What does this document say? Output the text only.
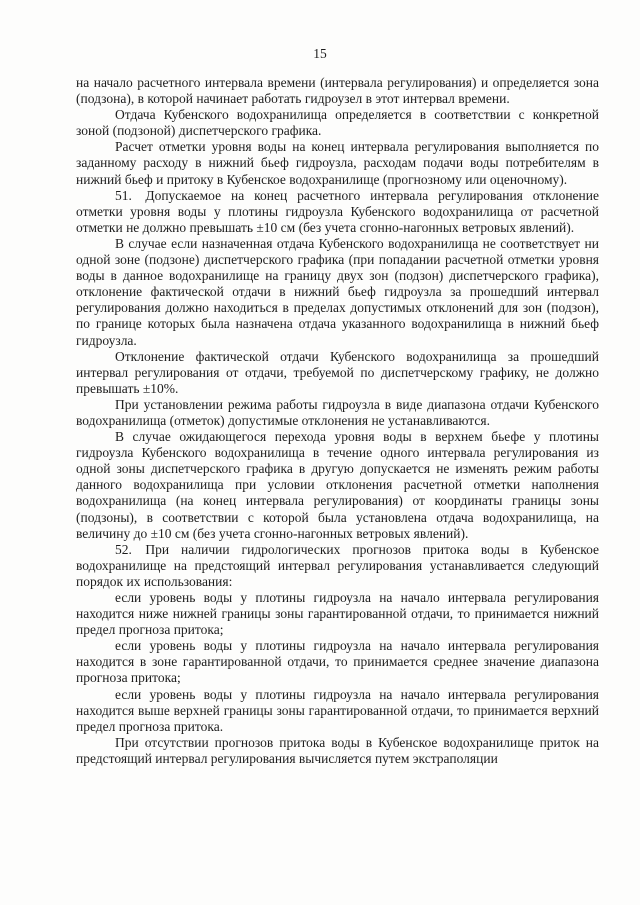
15

на начало расчетного интервала времени (интервала регулирования) и определяется зона (подзона), в которой начинает работать гидроузел в этот интервал времени.

Отдача Кубенского водохранилища определяется в соответствии с конкретной зоной (подзоной) диспетчерского графика.

Расчет отметки уровня воды на конец интервала регулирования выполняется по заданному расходу в нижний бьеф гидроузла, расходам подачи воды потребителям в нижний бьеф и притоку в Кубенское водохранилище (прогнозному или оценочному).

51. Допускаемое на конец расчетного интервала регулирования отклонение отметки уровня воды у плотины гидроузла Кубенского водохранилища от расчетной отметки не должно превышать ±10 см (без учета сгонно-нагонных ветровых явлений).

В случае если назначенная отдача Кубенского водохранилища не соответствует ни одной зоне (подзоне) диспетчерского графика (при попадании расчетной отметки уровня воды в данное водохранилище на границу двух зон (подзон) диспетчерского графика), отклонение фактической отдачи в нижний бьеф гидроузла за прошедший интервал регулирования должно находиться в пределах допустимых отклонений для зон (подзон), по границе которых была назначена отдача указанного водохранилища в нижний бьеф гидроузла.

Отклонение фактической отдачи Кубенского водохранилища за прошедший интервал регулирования от отдачи, требуемой по диспетчерскому графику, не должно превышать ±10%.

При установлении режима работы гидроузла в виде диапазона отдачи Кубенского водохранилища (отметок) допустимые отклонения не устанавливаются.

В случае ожидающегося перехода уровня воды в верхнем бьефе у плотины гидроузла Кубенского водохранилища в течение одного интервала регулирования из одной зоны диспетчерского графика в другую допускается не изменять режим работы данного водохранилища при условии отклонения расчетной отметки наполнения водохранилища (на конец интервала регулирования) от координаты границы зоны (подзоны), в соответствии с которой была установлена отдача водохранилища, на величину до ±10 см (без учета сгонно-нагонных ветровых явлений).

52. При наличии гидрологических прогнозов притока воды в Кубенское водохранилище на предстоящий интервал регулирования устанавливается следующий порядок их использования:

если уровень воды у плотины гидроузла на начало интервала регулирования находится ниже нижней границы зоны гарантированной отдачи, то принимается нижний предел прогноза притока;

если уровень воды у плотины гидроузла на начало интервала регулирования находится в зоне гарантированной отдачи, то принимается среднее значение диапазона прогноза притока;

если уровень воды у плотины гидроузла на начало интервала регулирования находится выше верхней границы зоны гарантированной отдачи, то принимается верхний предел прогноза притока.

При отсутствии прогнозов притока воды в Кубенское водохранилище приток на предстоящий интервал регулирования вычисляется путем экстраполяции
